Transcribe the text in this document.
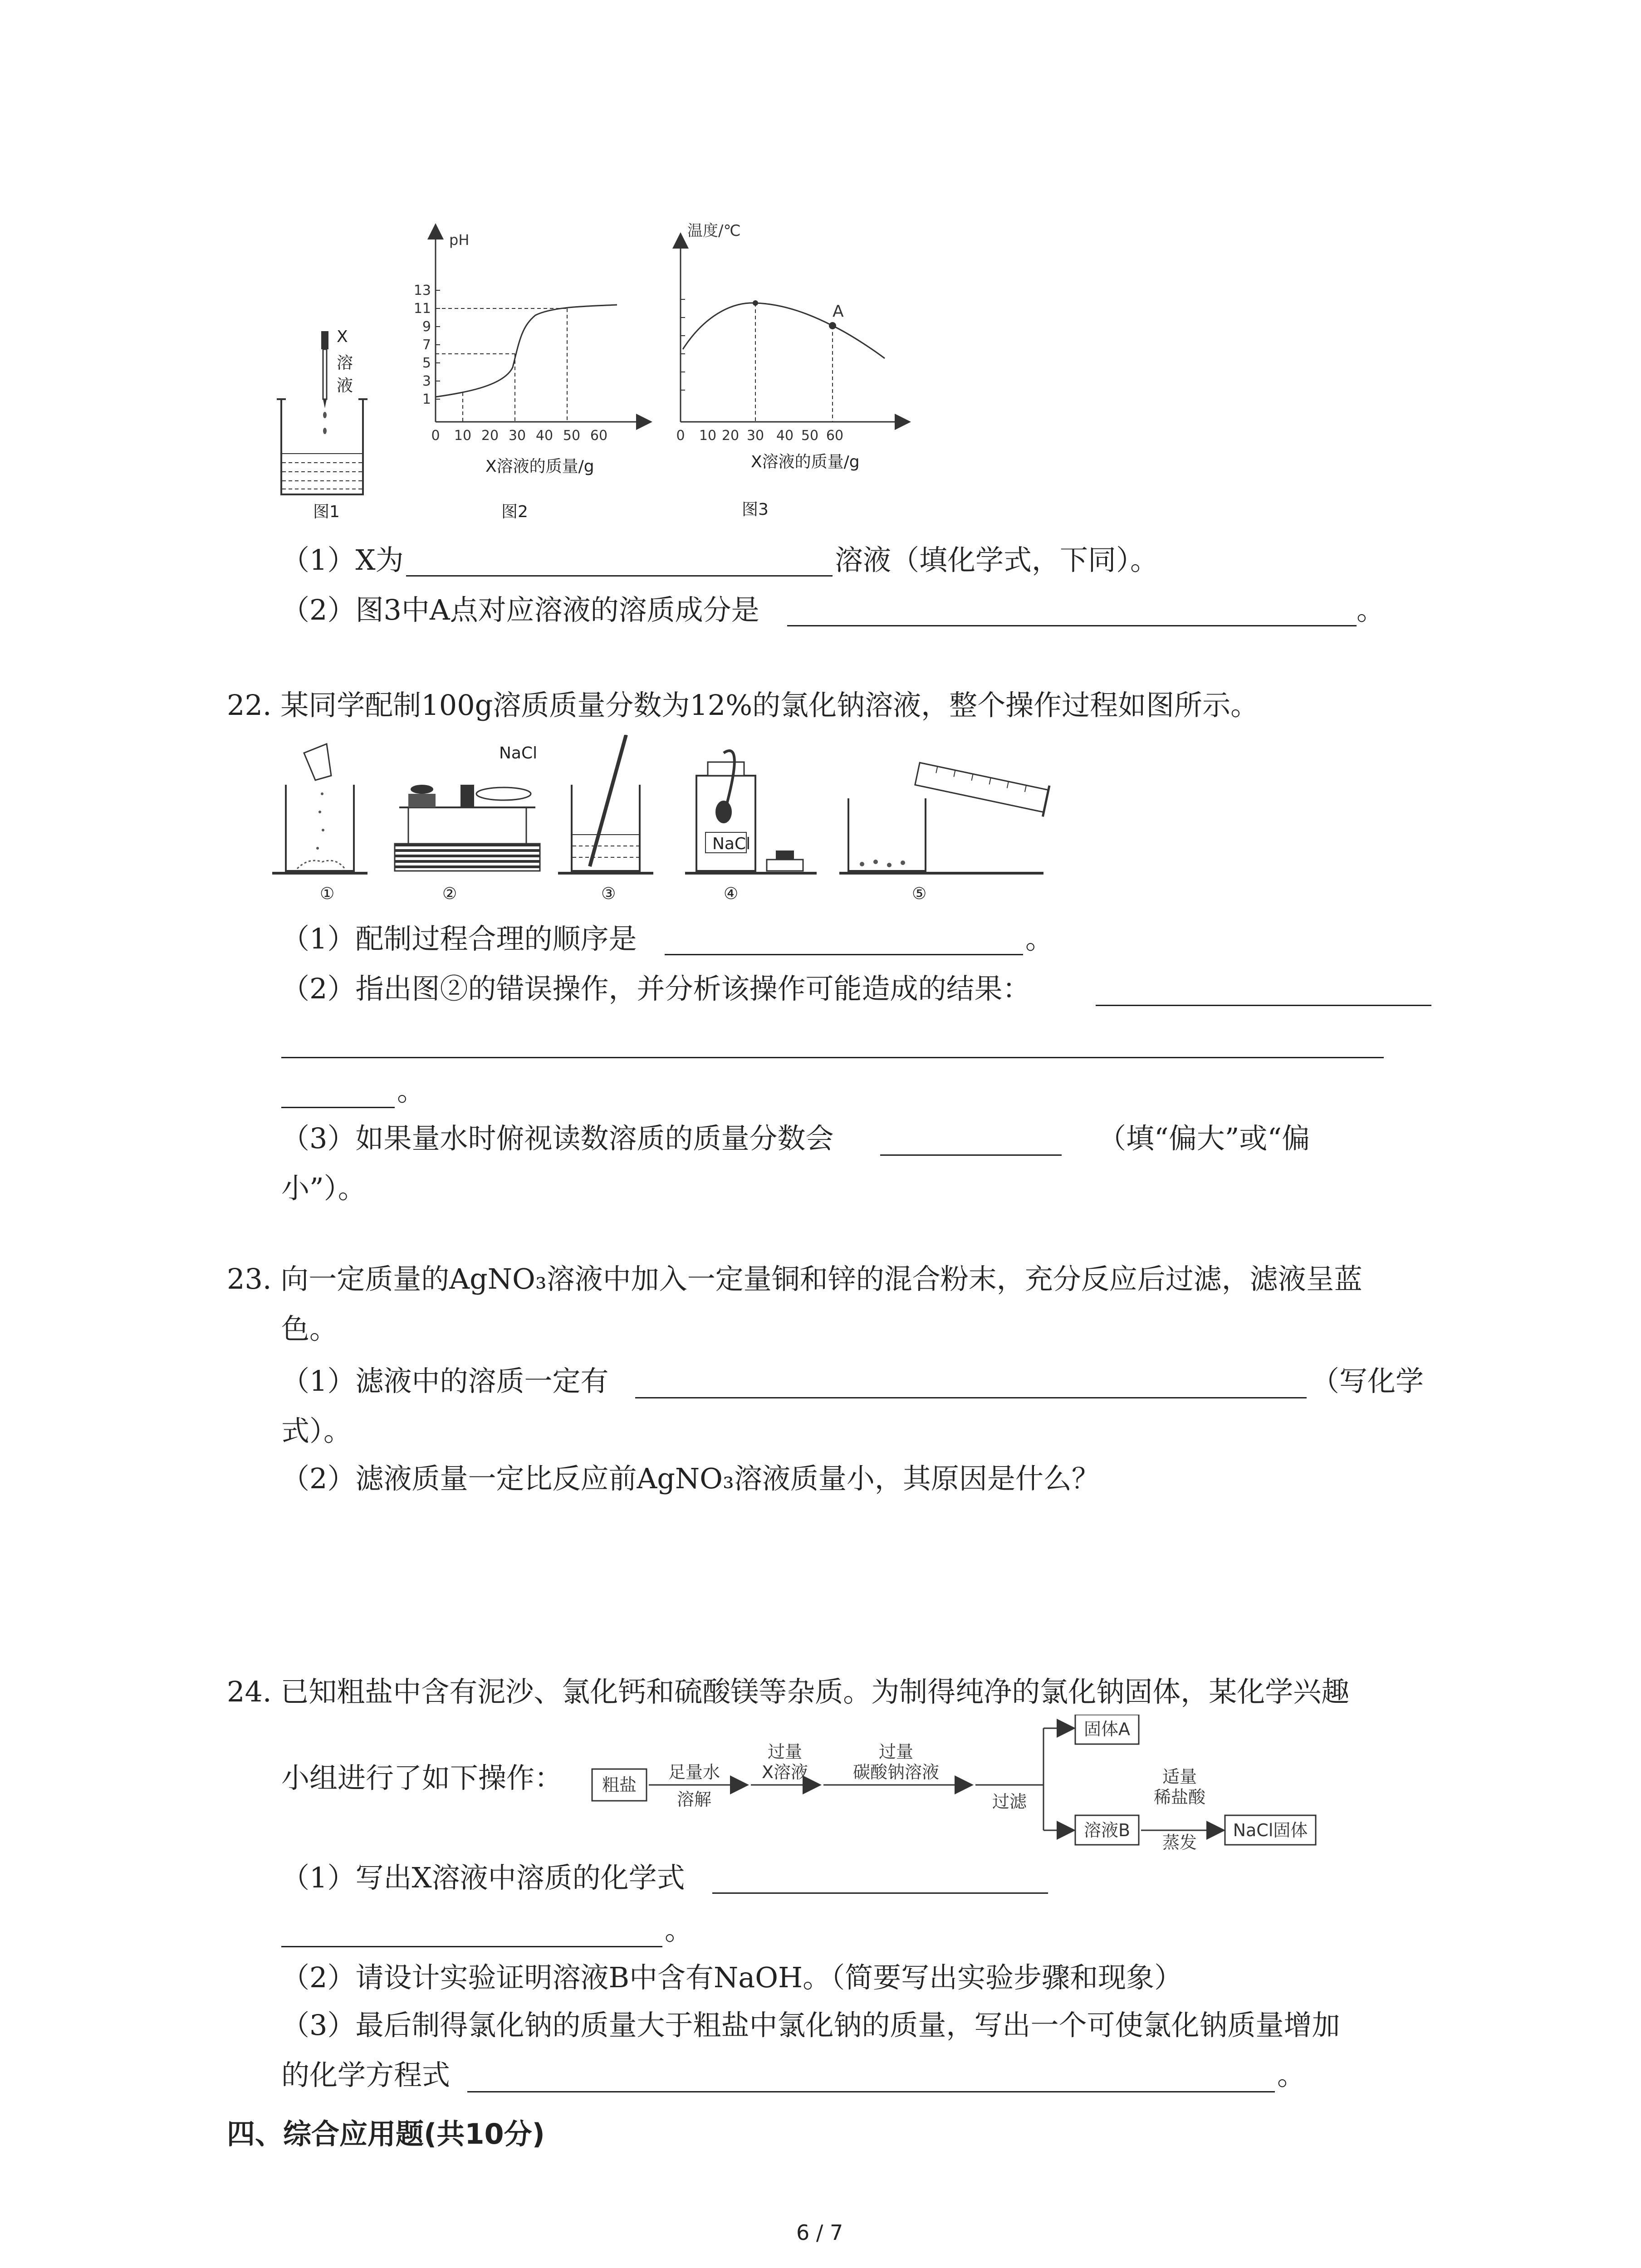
X
溶
液
图1
13
11
9
7
5
3
1
0 10 20 30 40 50 60
pH
X溶液的质量/g
图2
0 10 20 30 40 50 60
温度/℃
A
X溶液的质量/g
图3
（1）X为	溶液（填化学式，下同）。
（2）图3中A点对应溶液的溶质成分是	。
22. 某同学配制100g溶质质量分数为12%的氯化钠溶液，整个操作过程如图所示。
NaCl
NaCl
①	②	③	④	⑤
（1）配制过程合理的顺序是	。
（2）指出图②的错误操作，并分析该操作可能造成的结果：
。
（3）如果量水时俯视读数溶质的质量分数会	（填“偏大”或“偏
小”）。
23. 向一定质量的AgNO₃溶液中加入一定量铜和锌的混合粉末，充分反应后过滤，滤液呈蓝
色。
（1）滤液中的溶质一定有	（写化学
式）。
（2）滤液质量一定比反应前AgNO₃溶液质量小，其原因是什么？
24. 已知粗盐中含有泥沙、氯化钙和硫酸镁等杂质。为制得纯净的氯化钠固体，某化学兴趣
小组进行了如下操作： 粗盐
足量水
溶解
过量
X溶液
过量
碳酸钠溶液
过滤
固体A
溶液B
适量
稀盐酸
蒸发
NaCl固体
（1）写出X溶液中溶质的化学式
。
（2）请设计实验证明溶液B中含有NaOH。（简要写出实验步骤和现象）
（3）最后制得氯化钠的质量大于粗盐中氯化钠的质量，写出一个可使氯化钠质量增加
的化学方程式	。
四、综合应用题(共10分)
6 / 7
